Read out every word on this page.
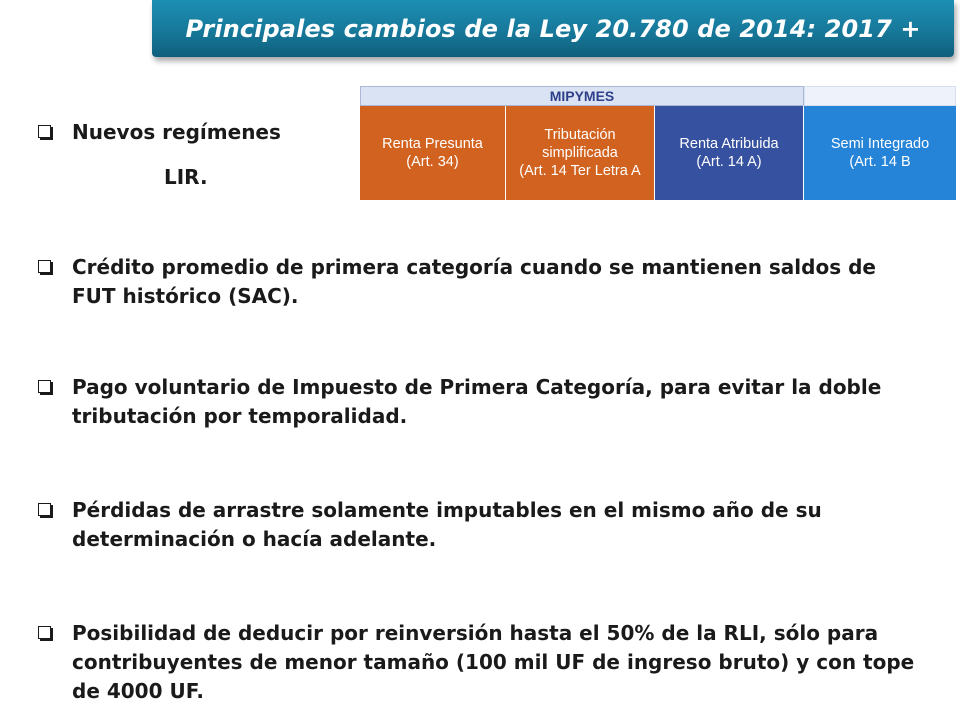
Principales cambios de la Ley 20.780 de 2014: 2017 +
MIPYMES
Renta Presunta
(Art. 34)
Tributación
simplificada
(Art. 14 Ter Letra A
Renta Atribuida
(Art. 14 A)
Semi Integrado
(Art. 14 B
Nuevos regímenes
LIR.
Crédito promedio de primera categoría cuando se mantienen saldos de FUT histórico (SAC).
Pago voluntario de Impuesto de Primera Categoría, para evitar la doble tributación por temporalidad.
Pérdidas de arrastre solamente imputables en el mismo año de su determinación o hacía adelante.
Posibilidad de deducir por reinversión hasta el 50% de la RLI, sólo para contribuyentes de menor tamaño (100 mil UF de ingreso bruto) y con tope de 4000 UF.
